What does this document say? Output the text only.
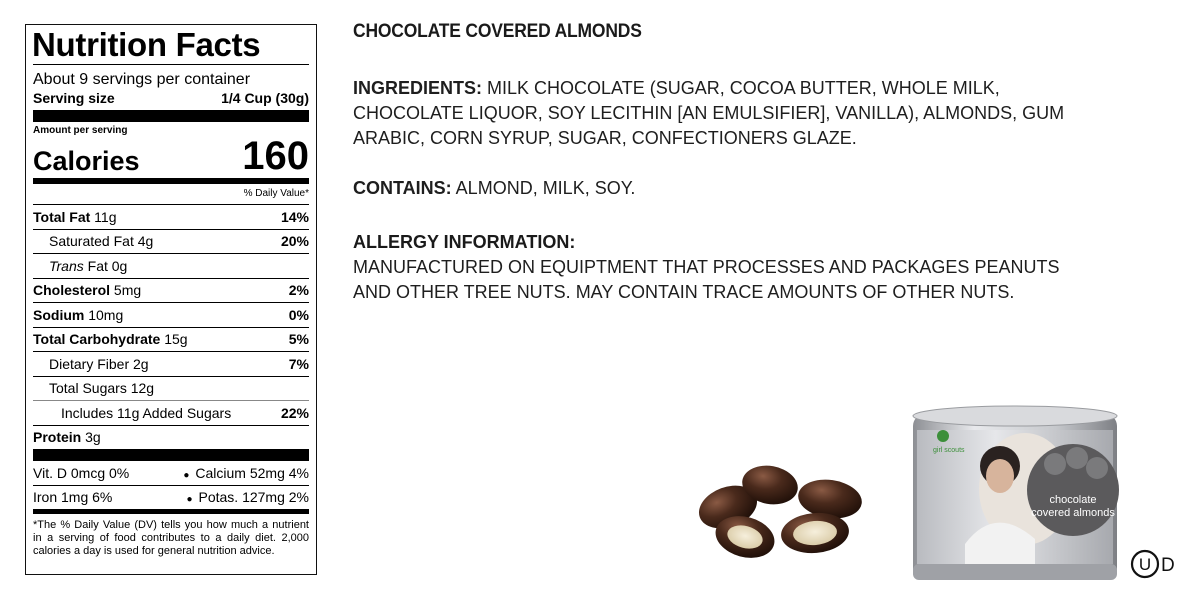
Nutrition Facts
About 9 servings per container
Serving size	1/4 Cup (30g)
Amount per serving
Calories	160
% Daily Value*
Total Fat 11g	14%
Saturated Fat 4g	20%
Trans Fat 0g
Cholesterol 5mg	2%
Sodium 10mg	0%
Total Carbohydrate 15g	5%
Dietary Fiber 2g	7%
Total Sugars 12g
Includes 11g Added Sugars	22%
Protein 3g
Vit. D 0mcg 0%	● Calcium 52mg 4%
Iron 1mg 6%	● Potas. 127mg 2%
*The % Daily Value (DV) tells you how much a nutrient in a serving of food contributes to a daily diet. 2,000 calories a day is used for general nutrition advice.
CHOCOLATE COVERED ALMONDS

INGREDIENTS: MILK CHOCOLATE (SUGAR, COCOA BUTTER, WHOLE MILK, CHOCOLATE LIQUOR, SOY LECITHIN [AN EMULSIFIER], VANILLA), ALMONDS, GUM ARABIC, CORN SYRUP, SUGAR, CONFECTIONERS GLAZE.

CONTAINS: ALMOND, MILK, SOY.

ALLERGY INFORMATION:

MANUFACTURED ON EQUIPTMENT THAT PROCESSES AND PACKAGES PEANUTS AND OTHER TREE NUTS. MAY CONTAIN TRACE AMOUNTS OF OTHER NUTS.

chocolate
covered almonds
girl scouts
U D
